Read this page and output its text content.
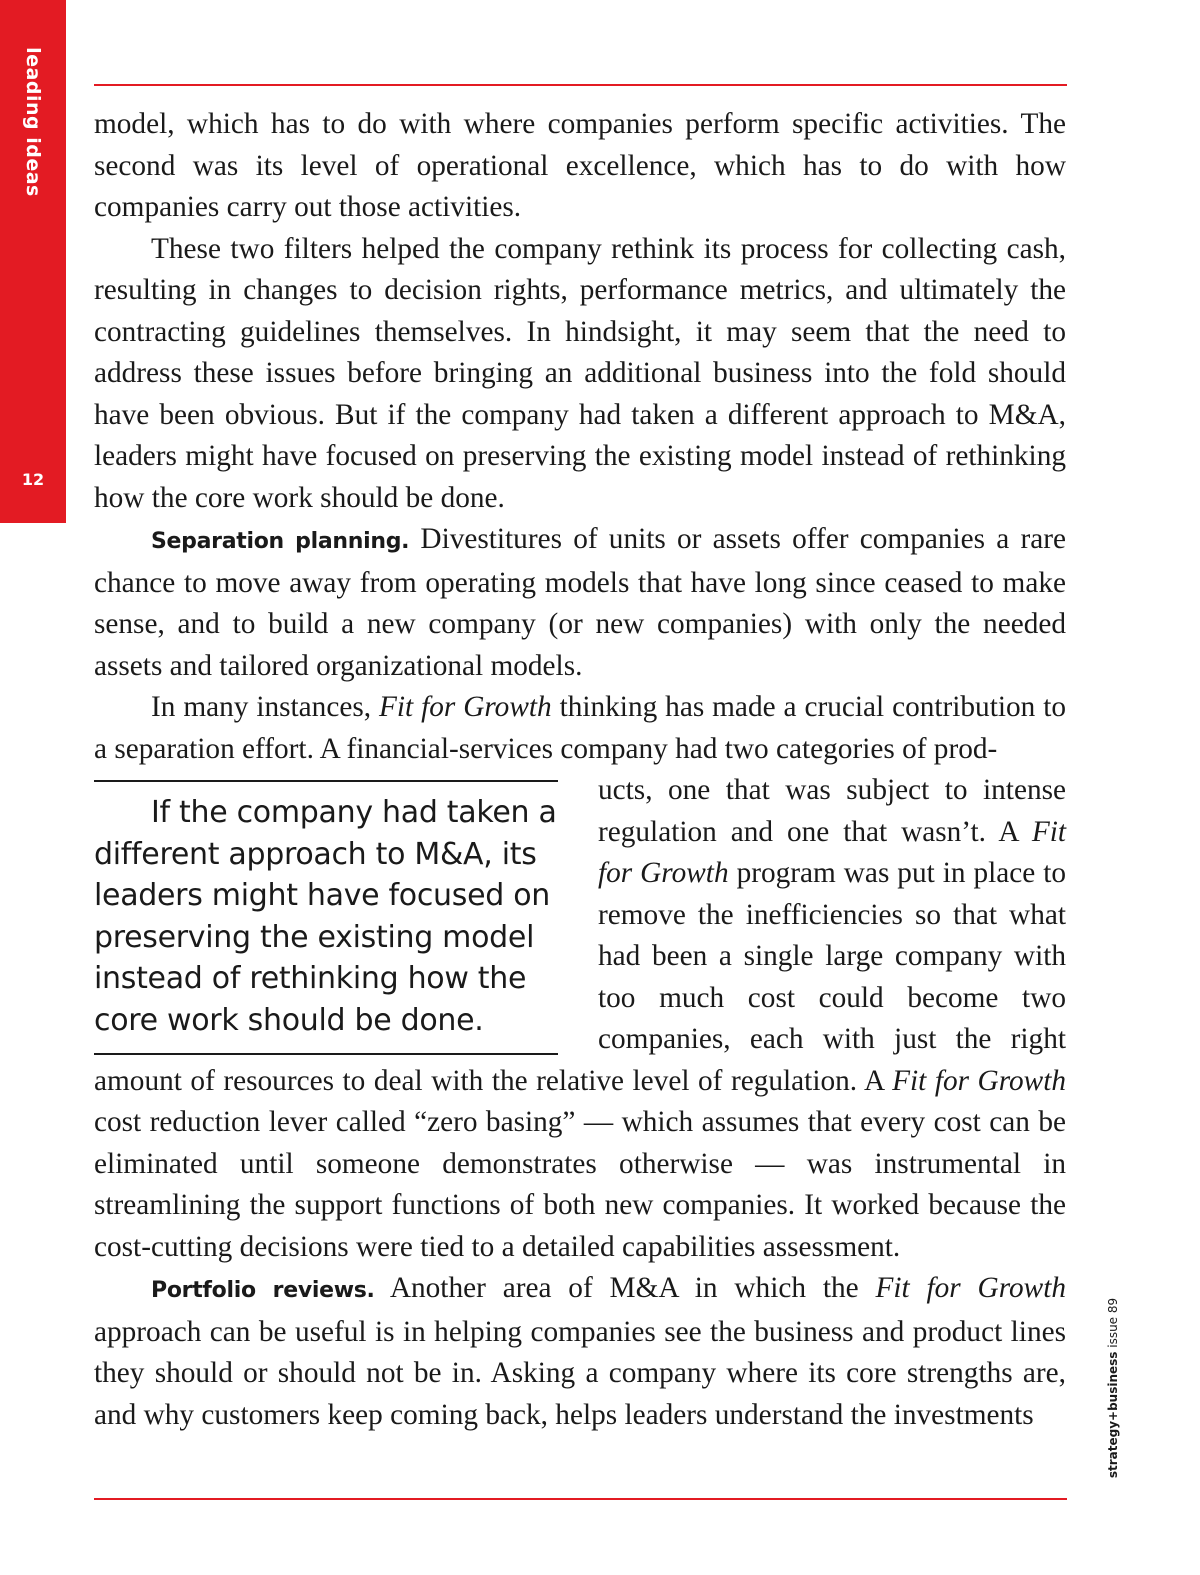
leading ideas
12

model, which has to do with where companies perform specific activities. The second was its level of operational excellence, which has to do with how companies carry out those activities.

These two filters helped the company rethink its process for collecting cash, resulting in changes to decision rights, performance metrics, and ultimately the contracting guidelines themselves. In hindsight, it may seem that the need to address these issues before bringing an additional business into the fold should have been obvious. But if the company had taken a different approach to M&A, leaders might have focused on preserving the existing model instead of rethinking how the core work should be done.

Separation planning. Divestitures of units or assets offer companies a rare chance to move away from operating models that have long since ceased to make sense, and to build a new company (or new companies) with only the needed assets and tailored organizational models.

In many instances, Fit for Growth thinking has made a crucial contribution to a separation effort. A financial-services company had two categories of prod-

If the company had taken a different approach to M&A, its leaders might have focused on preserving the existing model instead of rethinking how the core work should be done.
ucts, one that was subject to intense regulation and one that wasn’t. A Fit for Growth program was put in place to remove the inefficiencies so that what had been a single large company with too much cost could become two companies, each with just the right amount of resources to deal with the relative level of regulation. A Fit for Growth cost reduction lever called “zero basing” — which assumes that every cost can be eliminated until someone demonstrates otherwise — was instrumental in streamlining the support functions of both new companies. It worked because the cost-cutting decisions were tied to a detailed capabilities assessment.

Portfolio reviews. Another area of M&A in which the Fit for Growth approach can be useful is in helping companies see the business and product lines they should or should not be in. Asking a company where its core strengths are, and why customers keep coming back, helps leaders understand the investments	strategy+business issue 89
